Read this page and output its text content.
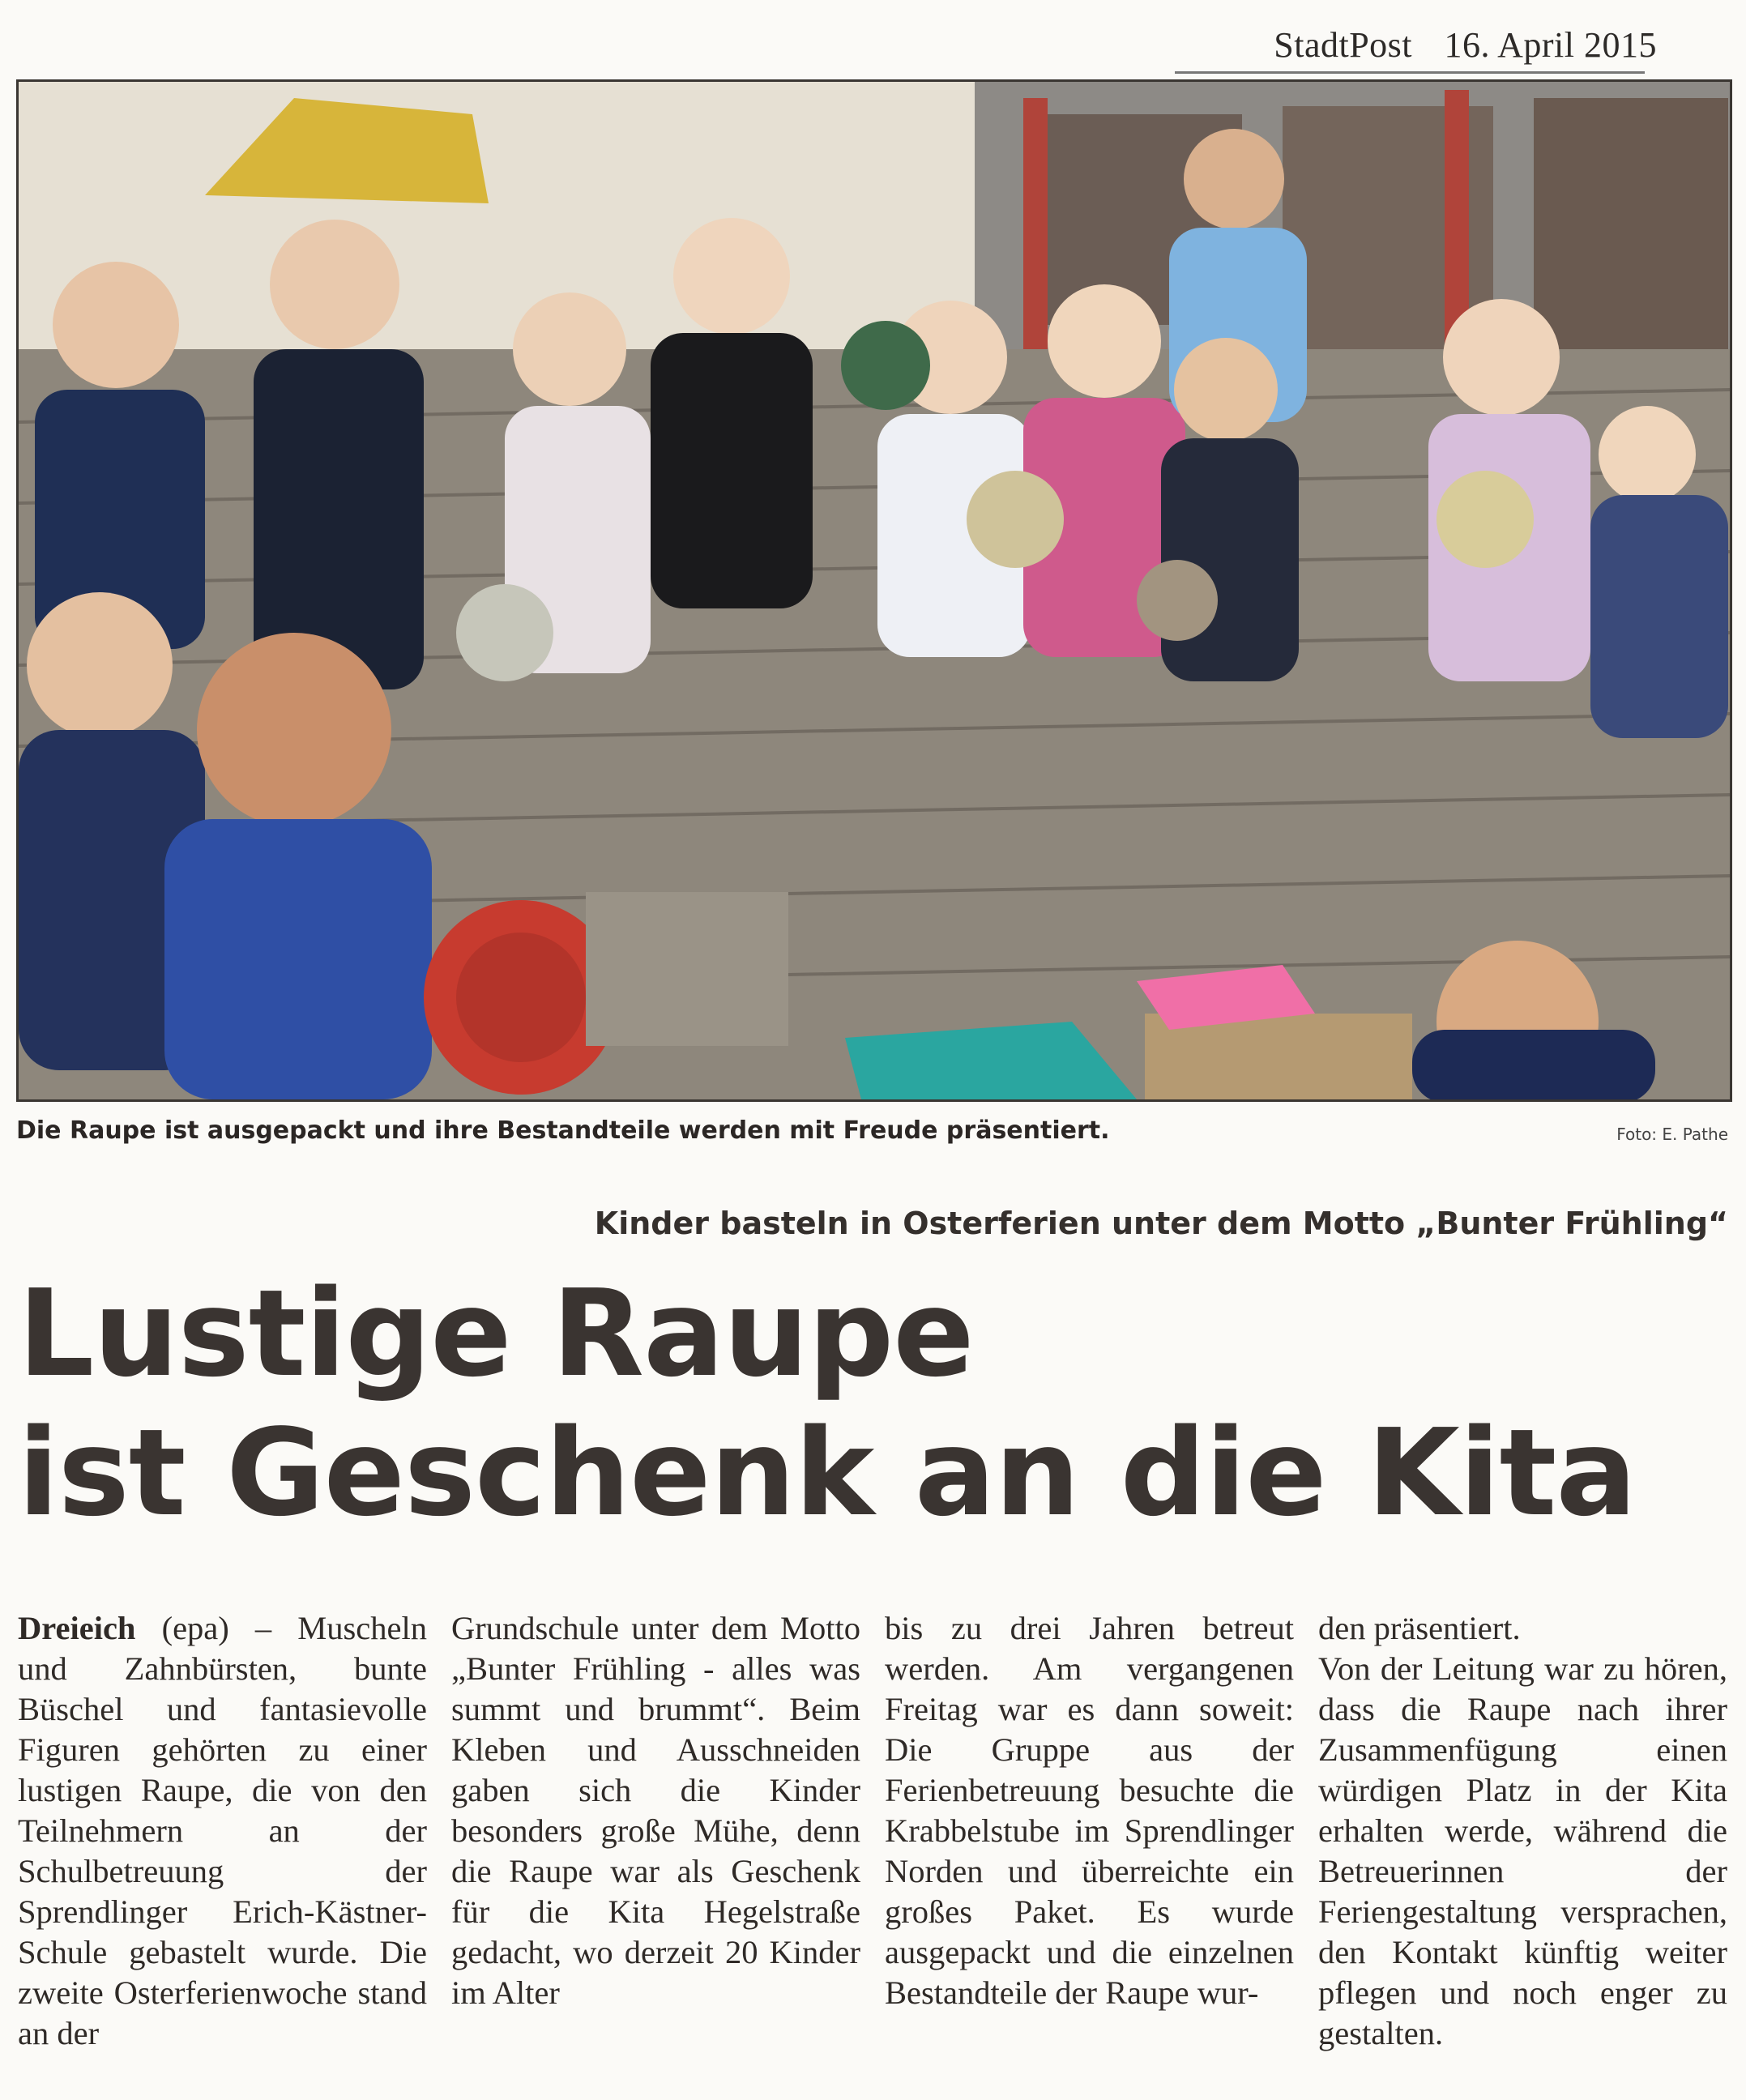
StadtPost 16. April 2015
Die Raupe ist ausgepackt und ihre Bestandteile werden mit Freude präsentiert.	Foto: E. Pathe
Kinder basteln in Osterferien unter dem Motto „Bunter Frühling“
Lustige Raupe
ist Geschenk an die Kita

Dreieich (epa) – Muscheln und Zahnbürsten, bunte Büschel und fantasievolle Figuren gehörten zu einer lustigen Raupe, die von den Teilnehmern an der Schulbetreuung der Sprendlinger Erich-Kästner-Schule gebastelt wurde. Die zweite Osterferienwoche stand an der

Grundschule unter dem Motto „Bunter Frühling - alles was summt und brummt“. Beim Kleben und Ausschneiden gaben sich die Kinder besonders große Mühe, denn die Raupe war als Geschenk für die Kita Hegelstraße gedacht, wo derzeit 20 Kinder im Alter

bis zu drei Jahren betreut werden. Am vergangenen Freitag war es dann soweit: Die Gruppe aus der Ferienbetreuung besuchte die Krabbelstube im Sprendlinger Norden und überreichte ein großes Paket. Es wurde ausgepackt und die einzelnen Bestandteile der Raupe wur-

den präsentiert.

Von der Leitung war zu hören, dass die Raupe nach ihrer Zusammenfügung einen würdigen Platz in der Kita erhalten werde, während die Betreuerinnen der Feriengestaltung versprachen, den Kontakt künftig weiter pflegen und noch enger zu gestalten.
